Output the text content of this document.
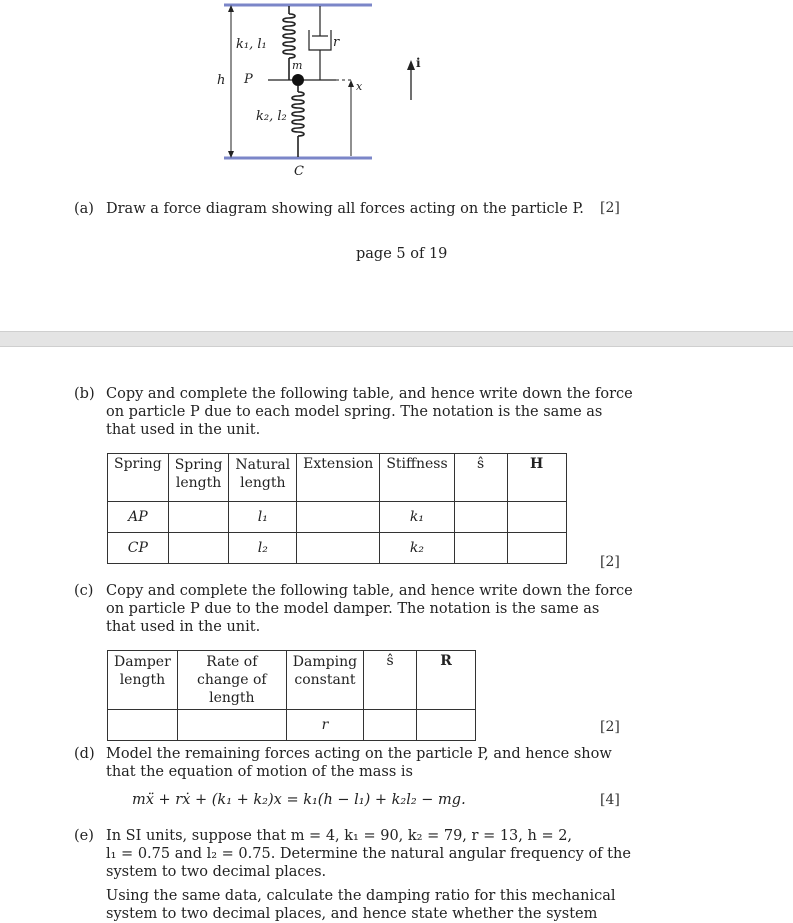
k₁, l₁
m
r
h P	x
i
k₂, l₂
C
(a) Draw a force diagram showing all forces acting on the particle P. [2]
page 5 of 19
(b) Copy and complete the following table, and hence write down the force
on particle P due to each model spring. The notation is the same as
that used in the unit.
Spring	Spring length	Natural length	Extension	Stiffness	ŝ	H
AP		l₁		k₁		
CP		l₂		k₂		
[2]
(c) Copy and complete the following table, and hence write down the force
on particle P due to the model damper. The notation is the same as
that used in the unit.
Damper length	Rate of change of length	Damping constant	ŝ	R
		r			[2]
(d) Model the remaining forces acting on the particle P, and hence show
that the equation of motion of the mass is
mẍ + rẋ + (k₁ + k₂)x = k₁(h − l₁) + k₂l₂ − mg.	[4]
(e) In SI units, suppose that m = 4, k₁ = 90, k₂ = 79, r = 13, h = 2,
l₁ = 0.75 and l₂ = 0.75. Determine the natural angular frequency of the
system to two decimal places.
Using the same data, calculate the damping ratio for this mechanical
system to two decimal places, and hence state whether the system
